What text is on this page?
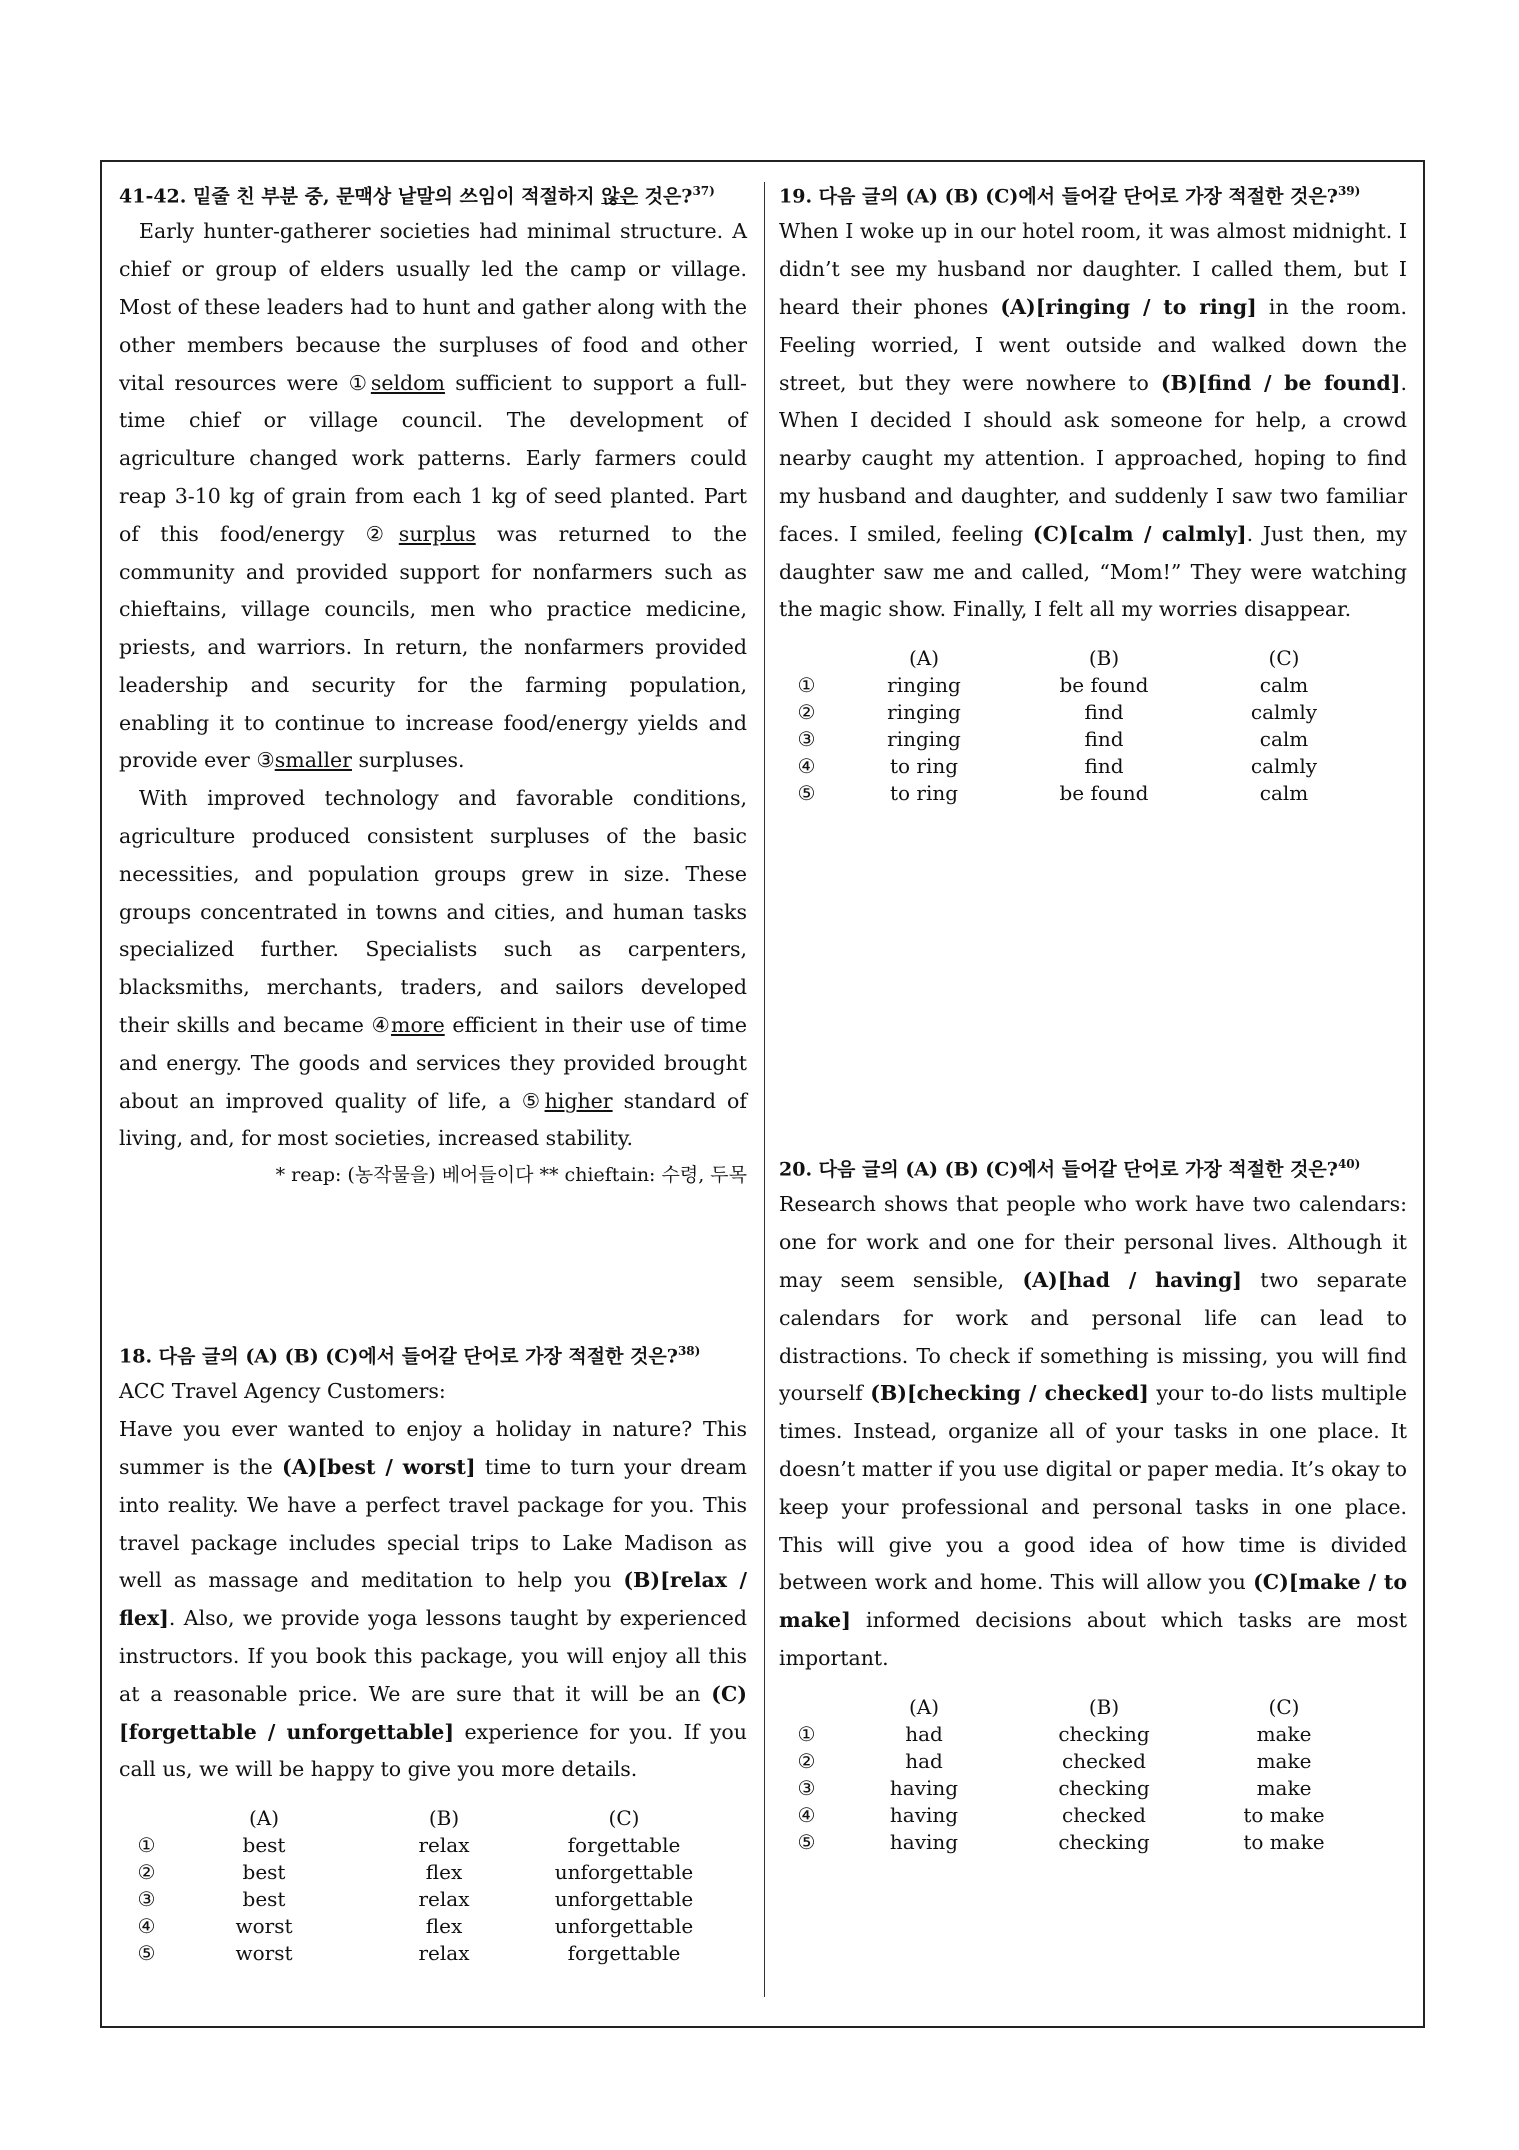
41-42. 밑줄 친 부분 중, 문맥상 낱말의 쓰임이 적절하지 않은 것은?$^{37)}$

Early hunter-gatherer societies had minimal structure. A chief or group of elders usually led the camp or village. Most of these leaders had to hunt and gather along with the other members because the surpluses of food and other vital resources were ①seldom sufficient to support a full-time chief or village council. The development of agriculture changed work patterns. Early farmers could reap 3-10 kg of grain from each 1 kg of seed planted. Part of this food/energy ②surplus was returned to the community and provided support for nonfarmers such as chieftains, village councils, men who practice medicine, priests, and warriors. In return, the nonfarmers provided leadership and security for the farming population, enabling it to continue to increase food/energy yields and provide ever ③smaller surpluses.

With improved technology and favorable conditions, agriculture produced consistent surpluses of the basic necessities, and population groups grew in size. These groups concentrated in towns and cities, and human tasks specialized further. Specialists such as carpenters, blacksmiths, merchants, traders, and sailors developed their skills and became ④more efficient in their use of time and energy. The goods and services they provided brought about an improved quality of life, a ⑤higher standard of living, and, for most societies, increased stability.

* reap: (농작물을) 베어들이다 ** chieftain: 수령, 두목

18. 다음 글의 (A) (B) (C)에서 들어갈 단어로 가장 적절한 것은?$^{38)}$

ACC Travel Agency Customers:

Have you ever wanted to enjoy a holiday in nature? This summer is the (A)[best / worst] time to turn your dream into reality. We have a perfect travel package for you. This travel package includes special trips to Lake Madison as well as massage and meditation to help you (B)[relax / flex]. Also, we provide yoga lessons taught by experienced instructors. If you book this package, you will enjoy all this at a reasonable price. We are sure that it will be an (C)[forgettable / unforgettable] experience for you. If you call us, we will be happy to give you more details.

	(A)	(B)	(C)
①	best	relax	forgettable
②	best	flex	unforgettable
③	best	relax	unforgettable
④	worst	flex	unforgettable
⑤	worst	relax	forgettable

19. 다음 글의 (A) (B) (C)에서 들어갈 단어로 가장 적절한 것은?$^{39)}$

When I woke up in our hotel room, it was almost midnight. I didn’t see my husband nor daughter. I called them, but I heard their phones (A)[ringing / to ring] in the room. Feeling worried, I went outside and walked down the street, but they were nowhere to (B)[find / be found]. When I decided I should ask someone for help, a crowd nearby caught my attention. I approached, hoping to find my husband and daughter, and suddenly I saw two familiar faces. I smiled, feeling (C)[calm / calmly]. Just then, my daughter saw me and called, “Mom!” They were watching the magic show. Finally, I felt all my worries disappear.

	(A)	(B)	(C)
①	ringing	be found	calm
②	ringing	find	calmly
③	ringing	find	calm
④	to ring	find	calmly
⑤	to ring	be found	calm

20. 다음 글의 (A) (B) (C)에서 들어갈 단어로 가장 적절한 것은?$^{40)}$

Research shows that people who work have two calendars: one for work and one for their personal lives. Although it may seem sensible, (A)[had / having] two separate calendars for work and personal life can lead to distractions. To check if something is missing, you will find yourself (B)[checking / checked] your to-do lists multiple times. Instead, organize all of your tasks in one place. It doesn’t matter if you use digital or paper media. It’s okay to keep your professional and personal tasks in one place. This will give you a good idea of how time is divided between work and home. This will allow you (C)[make / to make] informed decisions about which tasks are most important.

	(A)	(B)	(C)
①	had	checking	make
②	had	checked	make
③	having	checking	make
④	having	checked	to make
⑤	having	checking	to make
